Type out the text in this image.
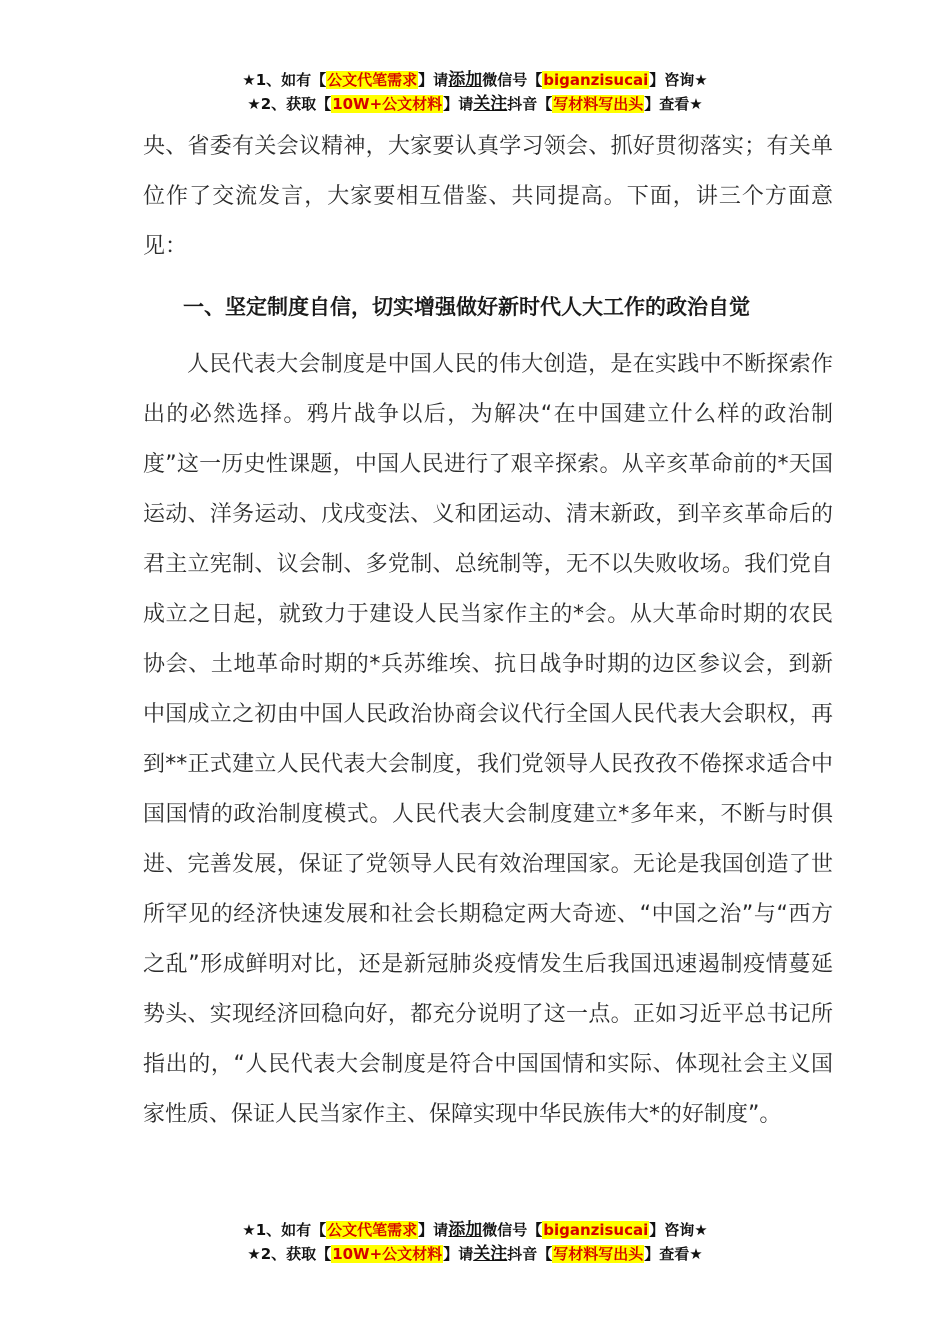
★1、如有【公文代笔需求】请添加微信号【biganzisucai】咨询★
★2、获取【10W+公文材料】请关注抖音【写材料写出头】查看★

央、省委有关会议精神，大家要认真学习领会、抓好贯彻落实；有关单位作了交流发言，大家要相互借鉴、共同提高。下面，讲三个方面意见：

一、坚定制度自信，切实增强做好新时代人大工作的政治自觉

人民代表大会制度是中国人民的伟大创造，是在实践中不断探索作出的必然选择。鸦片战争以后，为解决“在中国建立什么样的政治制度”这一历史性课题，中国人民进行了艰辛探索。从辛亥革命前的*天国运动、洋务运动、戊戌变法、义和团运动、清末新政，到辛亥革命后的君主立宪制、议会制、多党制、总统制等，无不以失败收场。我们党自成立之日起，就致力于建设人民当家作主的*会。从大革命时期的农民协会、土地革命时期的*兵苏维埃、抗日战争时期的边区参议会，到新中国成立之初由中国人民政治协商会议代行全国人民代表大会职权，再到**正式建立人民代表大会制度，我们党领导人民孜孜不倦探求适合中国国情的政治制度模式。人民代表大会制度建立*多年来，不断与时俱进、完善发展，保证了党领导人民有效治理国家。无论是我国创造了世所罕见的经济快速发展和社会长期稳定两大奇迹、“中国之治”与“西方之乱”形成鲜明对比，还是新冠肺炎疫情发生后我国迅速遏制疫情蔓延势头、实现经济回稳向好，都充分说明了这一点。正如习近平总书记所指出的，“人民代表大会制度是符合中国国情和实际、体现社会主义国家性质、保证人民当家作主、保障实现中华民族伟大*的好制度”。

★1、如有【公文代笔需求】请添加微信号【biganzisucai】咨询★
★2、获取【10W+公文材料】请关注抖音【写材料写出头】查看★
